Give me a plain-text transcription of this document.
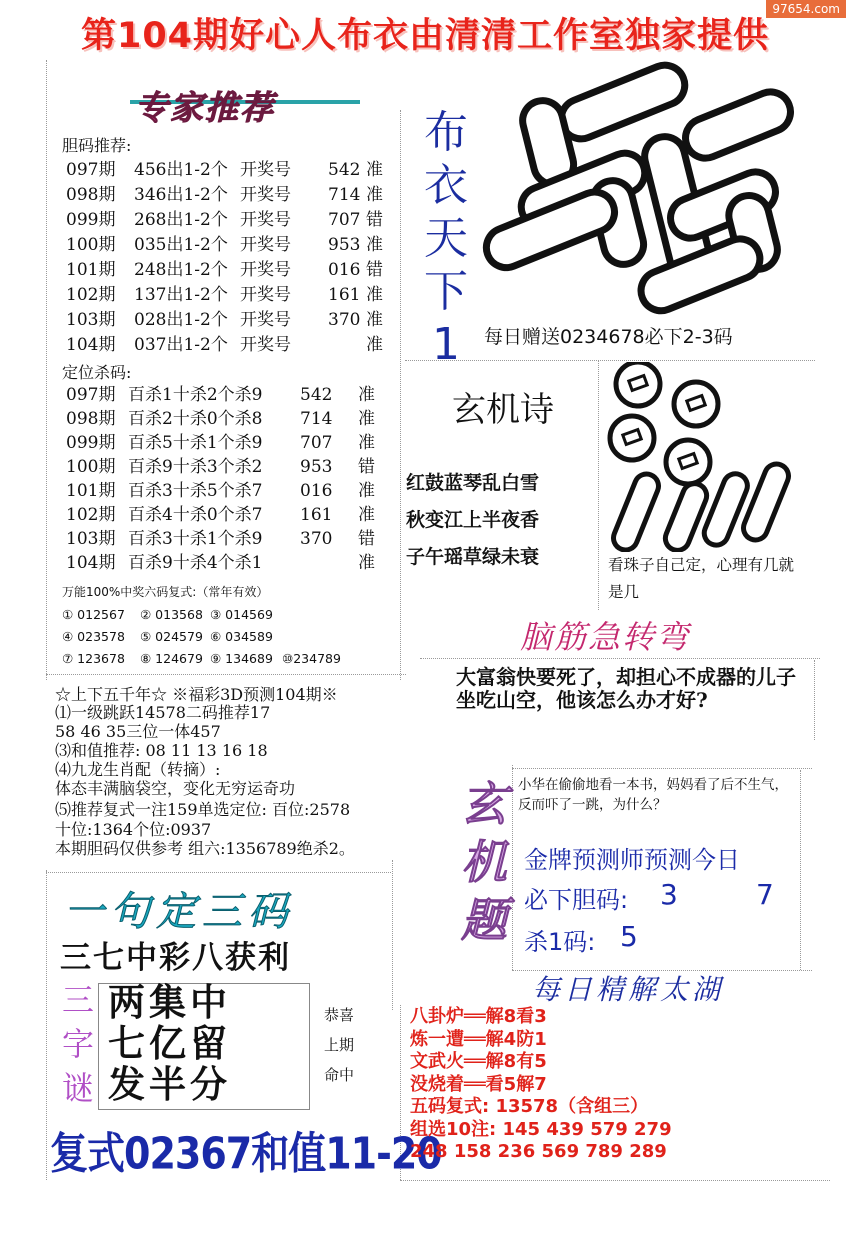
97654.com
第104期好心人布衣由清清工作室独家提供
专家推荐
胆码推荐:
097期 456出1-2个 开奖号 542 准
098期 346出1-2个 开奖号 714 准
099期 268出1-2个 开奖号 707 错
100期 035出1-2个 开奖号 953 准
101期 248出1-2个 开奖号 016 错
102期 137出1-2个 开奖号 161 准
103期 028出1-2个 开奖号 370 准
104期 037出1-2个 开奖号	准
定位杀码:
097期 百杀1十杀2个杀9 542 准
098期 百杀2十杀0个杀8 714 准
099期 百杀5十杀1个杀9 707 准
100期 百杀9十杀3个杀2 953 错
101期 百杀3十杀5个杀7 016 准
102期 百杀4十杀0个杀7 161 准
103期 百杀3十杀1个杀9 370 错
104期 百杀9十杀4个杀1	准
万能100%中奖六码复式:（常年有效）
① 012567 ② 013568 ③ 014569
④ 023578 ⑤ 024579 ⑥ 034589
⑦ 123678 ⑧ 124679 ⑨ 134689 ⑩234789
布
衣
天
下
1	每日赠送0234678必下2-3码
玄机诗
红鼓蓝琴乱白雪
秋变江上半夜香
子午瑶草绿未衰	看珠子自己定，心理有几就是几
脑筋急转弯
大富翁快要死了，却担心不成器的儿子坐吃山空，他该怎么办才好?
☆上下五千年☆ ※福彩3D预测104期※
⑴一级跳跃14578二码推荐17
58 46 35三位一体457
⑶和值推荐: 08 11 13 16 18
⑷九龙生肖配（转摘）:
体态丰满脑袋空，变化无穷运奇功
⑸推荐复式一注159单选定位: 百位:2578
十位:1364个位:0937
本期胆码仅供参考 组六:1356789绝杀2。
玄
机
题
小华在偷偷地看一本书，妈妈看了后不生气，反而吓了一跳，为什么？
金牌预测师预测今日
必下胆码: 3	7
杀1码: 5
一句定三码
三七中彩八获利
三
字
谜
两集中
七亿留
发半分
恭喜
上期
命中
复式02367和值11-20
每日精解太湖
八卦炉══解8看3
炼一遭══解4防1
文武火══解8有5
没烧着══看5解7
五码复式: 13578（含组三）
组选10注: 145 439 579 279
248 158 236 569 789 289
